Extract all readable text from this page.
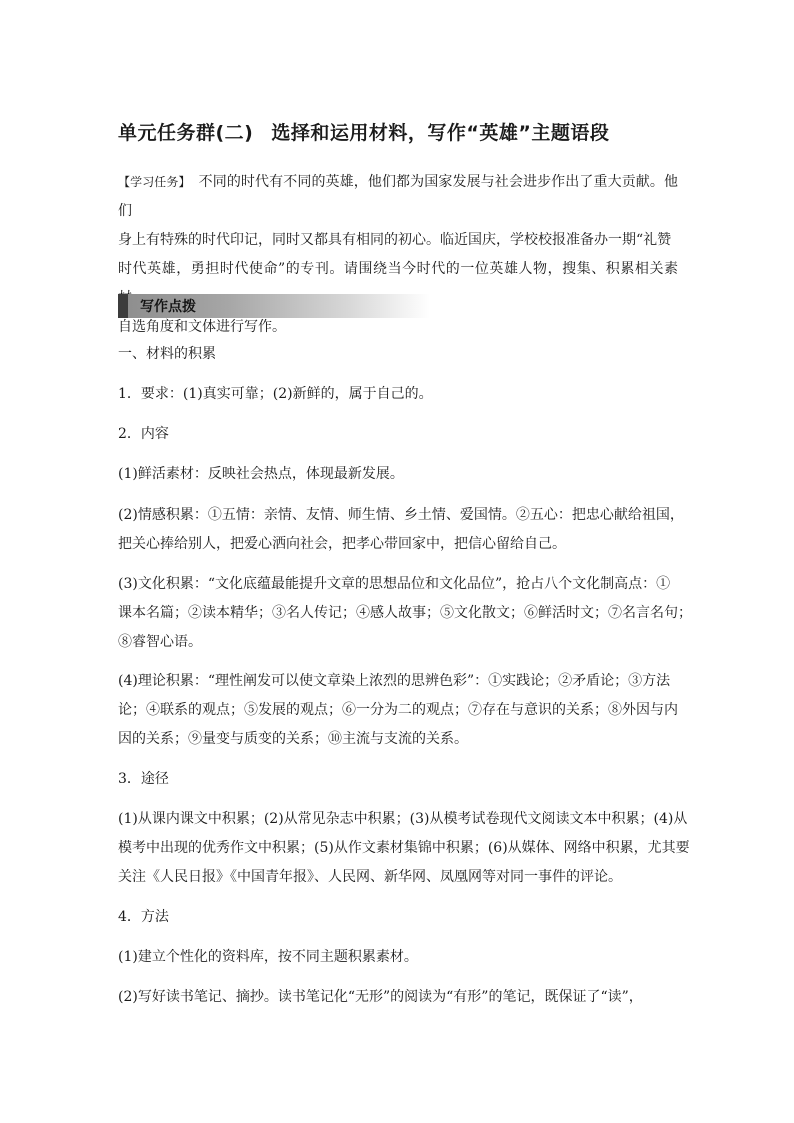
单元任务群(二) 选择和运用材料，写作“英雄”主题语段
【学习任务】 不同的时代有不同的英雄，他们都为国家发展与社会进步作出了重大贡献。他们
身上有特殊的时代印记，同时又都具有相同的初心。临近国庆，学校校报准备办一期“礼赞
时代英雄，勇担时代使命”的专刊。请围绕当今时代的一位英雄人物，搜集、积累相关素
自选角度和文体进行写作。
写作点拨
一、材料的积累
1．要求：(1)真实可靠；(2)新鲜的，属于自己的。
2．内容
(1)鲜活素材：反映社会热点，体现最新发展。
(2)情感积累：①五情：亲情、友情、师生情、乡土情、爱国情。②五心：把忠心献给祖国，
把关心捧给别人，把爱心洒向社会，把孝心带回家中，把信心留给自己。
(3)文化积累：“文化底蕴最能提升文章的思想品位和文化品位”，抢占八个文化制高点：①
课本名篇；②读本精华；③名人传记；④感人故事；⑤文化散文；⑥鲜活时文；⑦名言名句；
⑧睿智心语。
(4)理论积累：“理性阐发可以使文章染上浓烈的思辨色彩”：①实践论；②矛盾论；③方法
论；④联系的观点；⑤发展的观点；⑥一分为二的观点；⑦存在与意识的关系；⑧外因与内
因的关系；⑨量变与质变的关系；⑩主流与支流的关系。
3．途径
(1)从课内课文中积累；(2)从常见杂志中积累；(3)从模考试卷现代文阅读文本中积累；(4)从
模考中出现的优秀作文中积累；(5)从作文素材集锦中积累；(6)从媒体、网络中积累，尤其要
关注《人民日报》《中国青年报》、人民网、新华网、凤凰网等对同一事件的评论。
4．方法
(1)建立个性化的资料库，按不同主题积累素材。
(2)写好读书笔记、摘抄。读书笔记化“无形”的阅读为“有形”的笔记，既保证了“读”，
